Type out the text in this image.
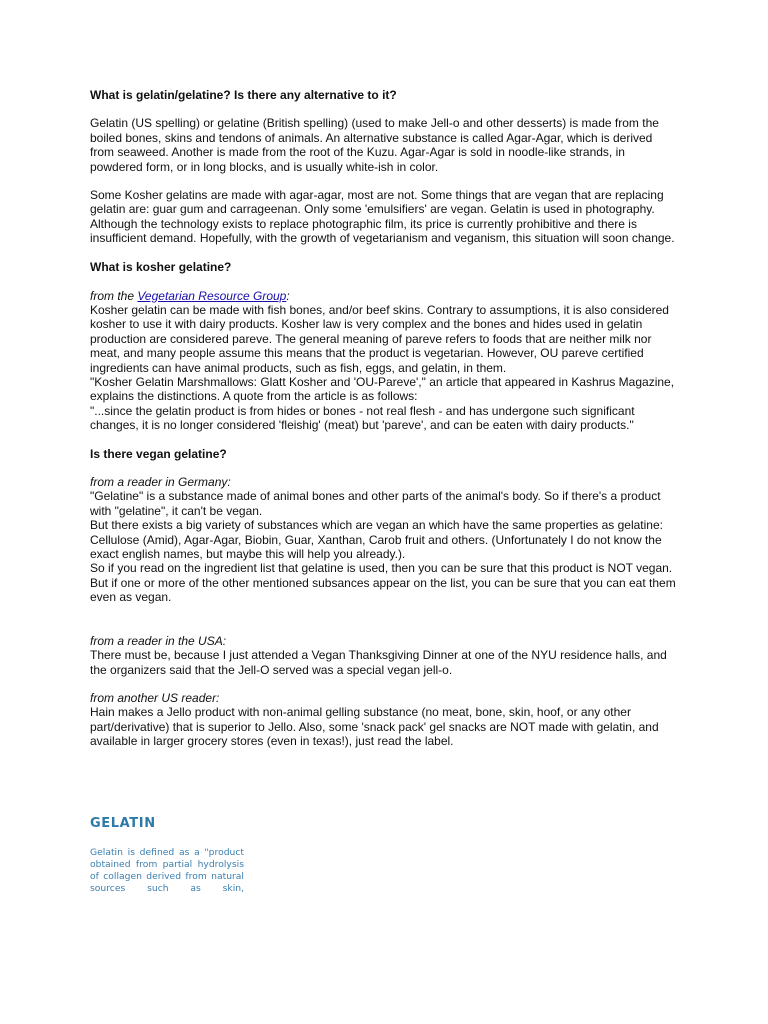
What is gelatin/gelatine? Is there any alternative to it?

Gelatin (US spelling) or gelatine (British spelling) (used to make Jell-o and other desserts) is made from the boiled bones, skins and tendons of animals. An alternative substance is called Agar-Agar, which is derived from seaweed. Another is made from the root of the Kuzu. Agar-Agar is sold in noodle-like strands, in powdered form, or in long blocks, and is usually white-ish in color.

Some Kosher gelatins are made with agar-agar, most are not. Some things that are vegan that are replacing gelatin are: guar gum and carrageenan. Only some 'emulsifiers' are vegan. Gelatin is used in photography. Although the technology exists to replace photographic film, its price is currently prohibitive and there is insufficient demand. Hopefully, with the growth of vegetarianism and veganism, this situation will soon change.

What is kosher gelatine?

from the Vegetarian Resource Group:

Kosher gelatin can be made with fish bones, and/or beef skins. Contrary to assumptions, it is also considered kosher to use it with dairy products. Kosher law is very complex and the bones and hides used in gelatin production are considered pareve. The general meaning of pareve refers to foods that are neither milk nor meat, and many people assume this means that the product is vegetarian. However, OU pareve certified ingredients can have animal products, such as fish, eggs, and gelatin, in them.

"Kosher Gelatin Marshmallows: Glatt Kosher and 'OU-Pareve'," an article that appeared in Kashrus Magazine, explains the distinctions. A quote from the article is as follows:

"...since the gelatin product is from hides or bones - not real flesh - and has undergone such significant changes, it is no longer considered 'fleishig' (meat) but 'pareve', and can be eaten with dairy products."

Is there vegan gelatine?

from a reader in Germany:

"Gelatine" is a substance made of animal bones and other parts of the animal's body. So if there's a product with "gelatine", it can't be vegan.

But there exists a big variety of substances which are vegan an which have the same properties as gelatine: Cellulose (Amid), Agar-Agar, Biobin, Guar, Xanthan, Carob fruit and others. (Unfortunately I do not know the exact english names, but maybe this will help you already.).

So if you read on the ingredient list that gelatine is used, then you can be sure that this product is NOT vegan. But if one or more of the other mentioned subsances appear on the list, you can be sure that you can eat them even as vegan.

from a reader in the USA:

There must be, because I just attended a Vegan Thanksgiving Dinner at one of the NYU residence halls, and the organizers said that the Jell-O served was a special vegan jell-o.

from another US reader:

Hain makes a Jello product with non-animal gelling substance (no meat, bone, skin, hoof, or any other part/derivative) that is superior to Jello. Also, some 'snack pack' gel snacks are NOT made with gelatin, and available in larger grocery stores (even in texas!), just read the label.

GELATIN
Gelatin is defined as a "product
obtained from partial hydrolysis
of collagen derived from natural
sources such as skin,
